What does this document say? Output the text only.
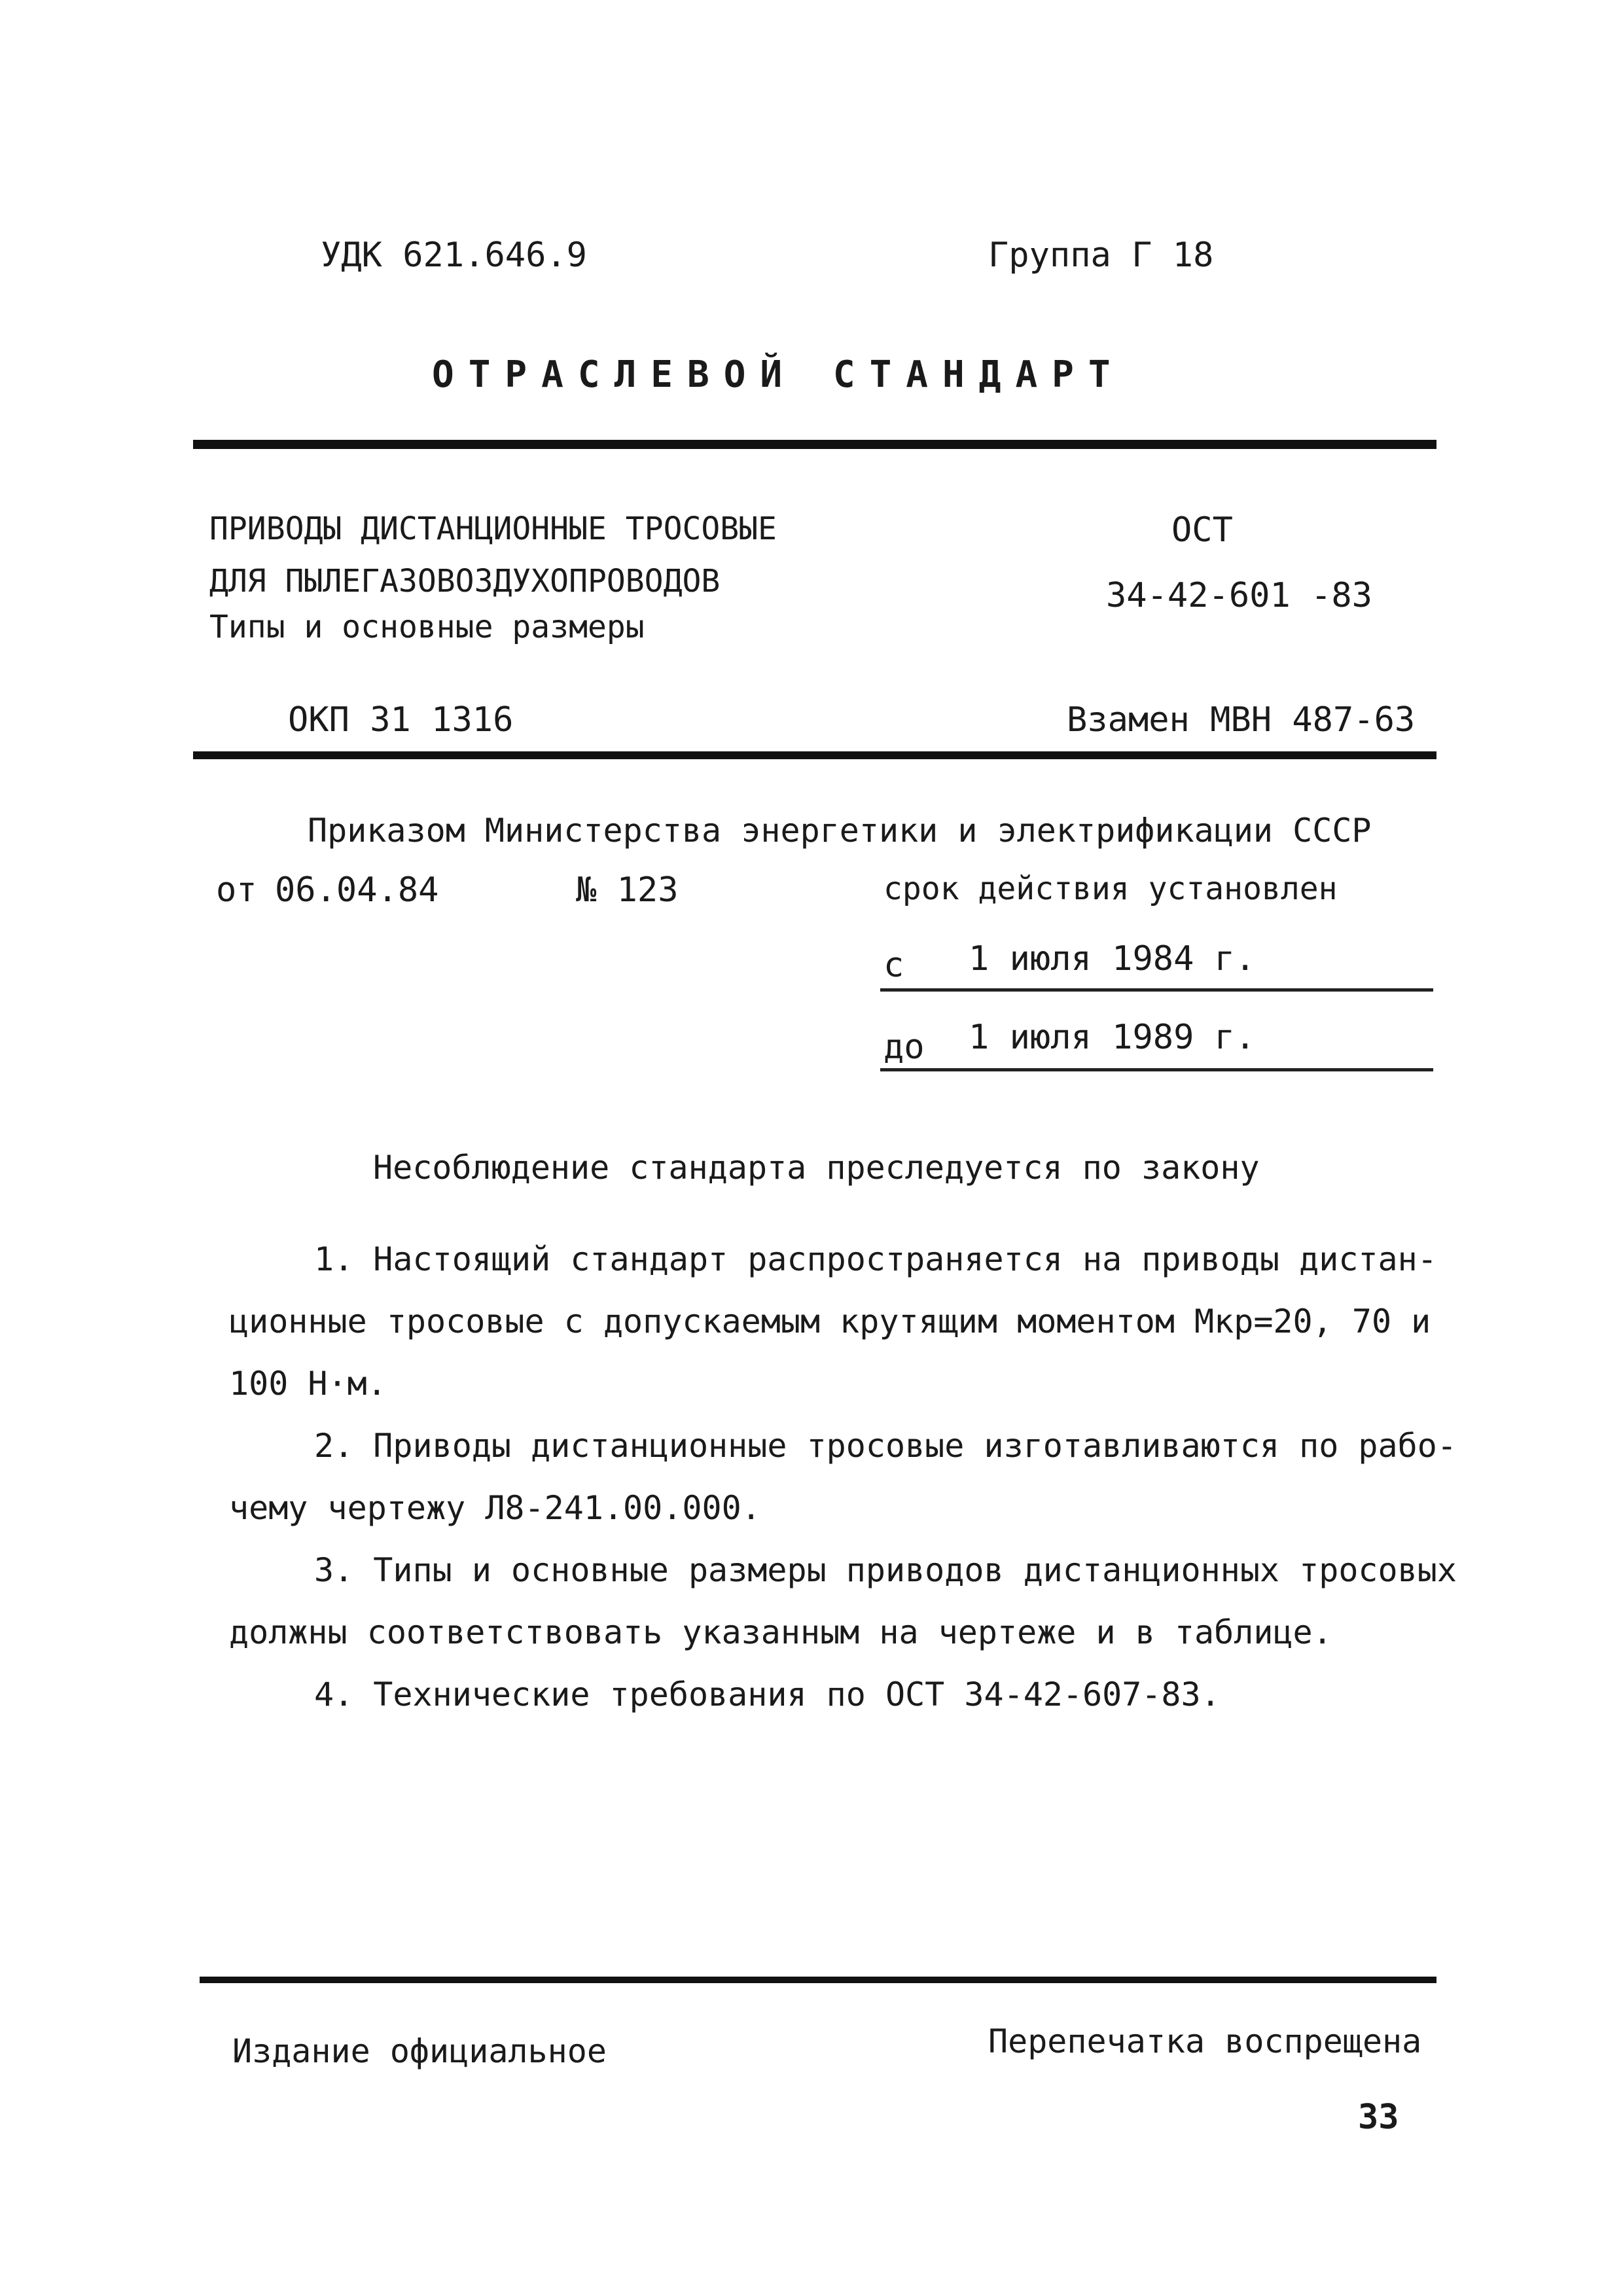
УДК 621.646.9	Группа Г 18
ОТРАСЛЕВОЙ СТАНДАРТ
ПРИВОДЫ ДИСТАНЦИОННЫЕ ТРОСОВЫЕ
ДЛЯ ПЫЛЕГАЗОВОЗДУХОПРОВОДОВ
Типы и основные размеры
ОСТ
34-42-601 -83
ОКП 31 1316	Взамен МВН 487-63
Приказом Министерства энергетики и электрификации СССР
от 06.04.84	№ 123	срок действия установлен
с 1 июля 1984 г.
до 1 июля 1989 г.
Несоблюдение стандарта преследуется по закону
1. Настоящий стандарт распространяется на приводы дистан-
ционные тросовые с допускаемым крутящим моментом Мкр=20, 70 и
100 Н·м.
2. Приводы дистанционные тросовые изготавливаются по рабо-
чему чертежу Л8-241.00.000.
3. Типы и основные размеры приводов дистанционных тросовых
должны соответствовать указанным на чертеже и в таблице.
4. Технические требования по ОСТ 34-42-607-83.
Издание официальное	Перепечатка воспрещена
33
